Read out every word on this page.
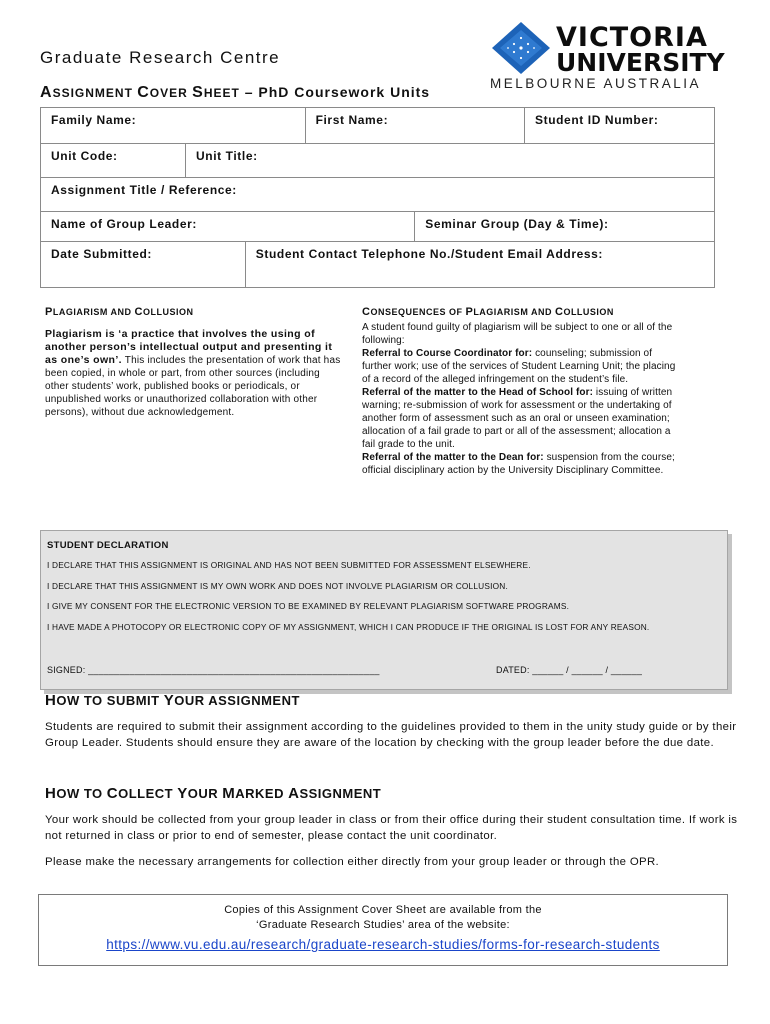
Graduate Research Centre
ASSIGNMENT COVER SHEET – PhD Coursework Units
VICTORIA
UNIVERSITY
MELBOURNE AUSTRALIA
Family Name:			First Name:		Student ID Number:
Unit Code:	Unit Title:				
Assignment Title / Reference:					
Name of Group Leader:				Seminar Group (Day & Time):	
Date Submitted:		Student Contact Telephone No./Student Email Address:			
PLAGIARISM AND COLLUSION
Plagiarism is ‘a practice that involves the using of another person’s intellectual output and presenting it as one’s own’. This includes the presentation of work that has been copied, in whole or part, from other sources (including other students’ work, published books or periodicals, or unpublished works or unauthorized collaboration with other persons), without due acknowledgement.
CONSEQUENCES OF PLAGIARISM AND COLLUSION
A student found guilty of plagiarism will be subject to one or all of the following:
Referral to Course Coordinator for: counseling; submission of further work; use of the services of Student Learning Unit; the placing of a record of the alleged infringement on the student’s file.
Referral of the matter to the Head of School for: issuing of written warning; re-submission of work for assessment or the undertaking of another form of assessment such as an oral or unseen examination; allocation of a fail grade to part or all of the assessment; allocation a fail grade to the unit.
Referral of the matter to the Dean for: suspension from the course; official disciplinary action by the University Disciplinary Committee.
STUDENT DECLARATION
I DECLARE THAT THIS ASSIGNMENT IS ORIGINAL AND HAS NOT BEEN SUBMITTED FOR ASSESSMENT ELSEWHERE.
I DECLARE THAT THIS ASSIGNMENT IS MY OWN WORK AND DOES NOT INVOLVE PLAGIARISM OR COLLUSION.
I GIVE MY CONSENT FOR THE ELECTRONIC VERSION TO BE EXAMINED BY RELEVANT PLAGIARISM SOFTWARE PROGRAMS.
I HAVE MADE A PHOTOCOPY OR ELECTRONIC COPY OF MY ASSIGNMENT, WHICH I CAN PRODUCE IF THE ORIGINAL IS LOST FOR ANY REASON.
SIGNED: ________________________________________________________	DATED: ______ / ______ / ______
HOW TO SUBMIT YOUR ASSIGNMENT
Students are required to submit their assignment according to the guidelines provided to them in the unity study guide or by their Group Leader. Students should ensure they are aware of the location by checking with the group leader before the due date.
HOW TO COLLECT YOUR MARKED ASSIGNMENT
Your work should be collected from your group leader in class or from their office during their student consultation time. If work is not returned in class or prior to end of semester, please contact the unit coordinator.
Please make the necessary arrangements for collection either directly from your group leader or through the OPR.
Copies of this Assignment Cover Sheet are available from the
‘Graduate Research Studies’ area of the website:
https://www.vu.edu.au/research/graduate-research-studies/forms-for-research-students
